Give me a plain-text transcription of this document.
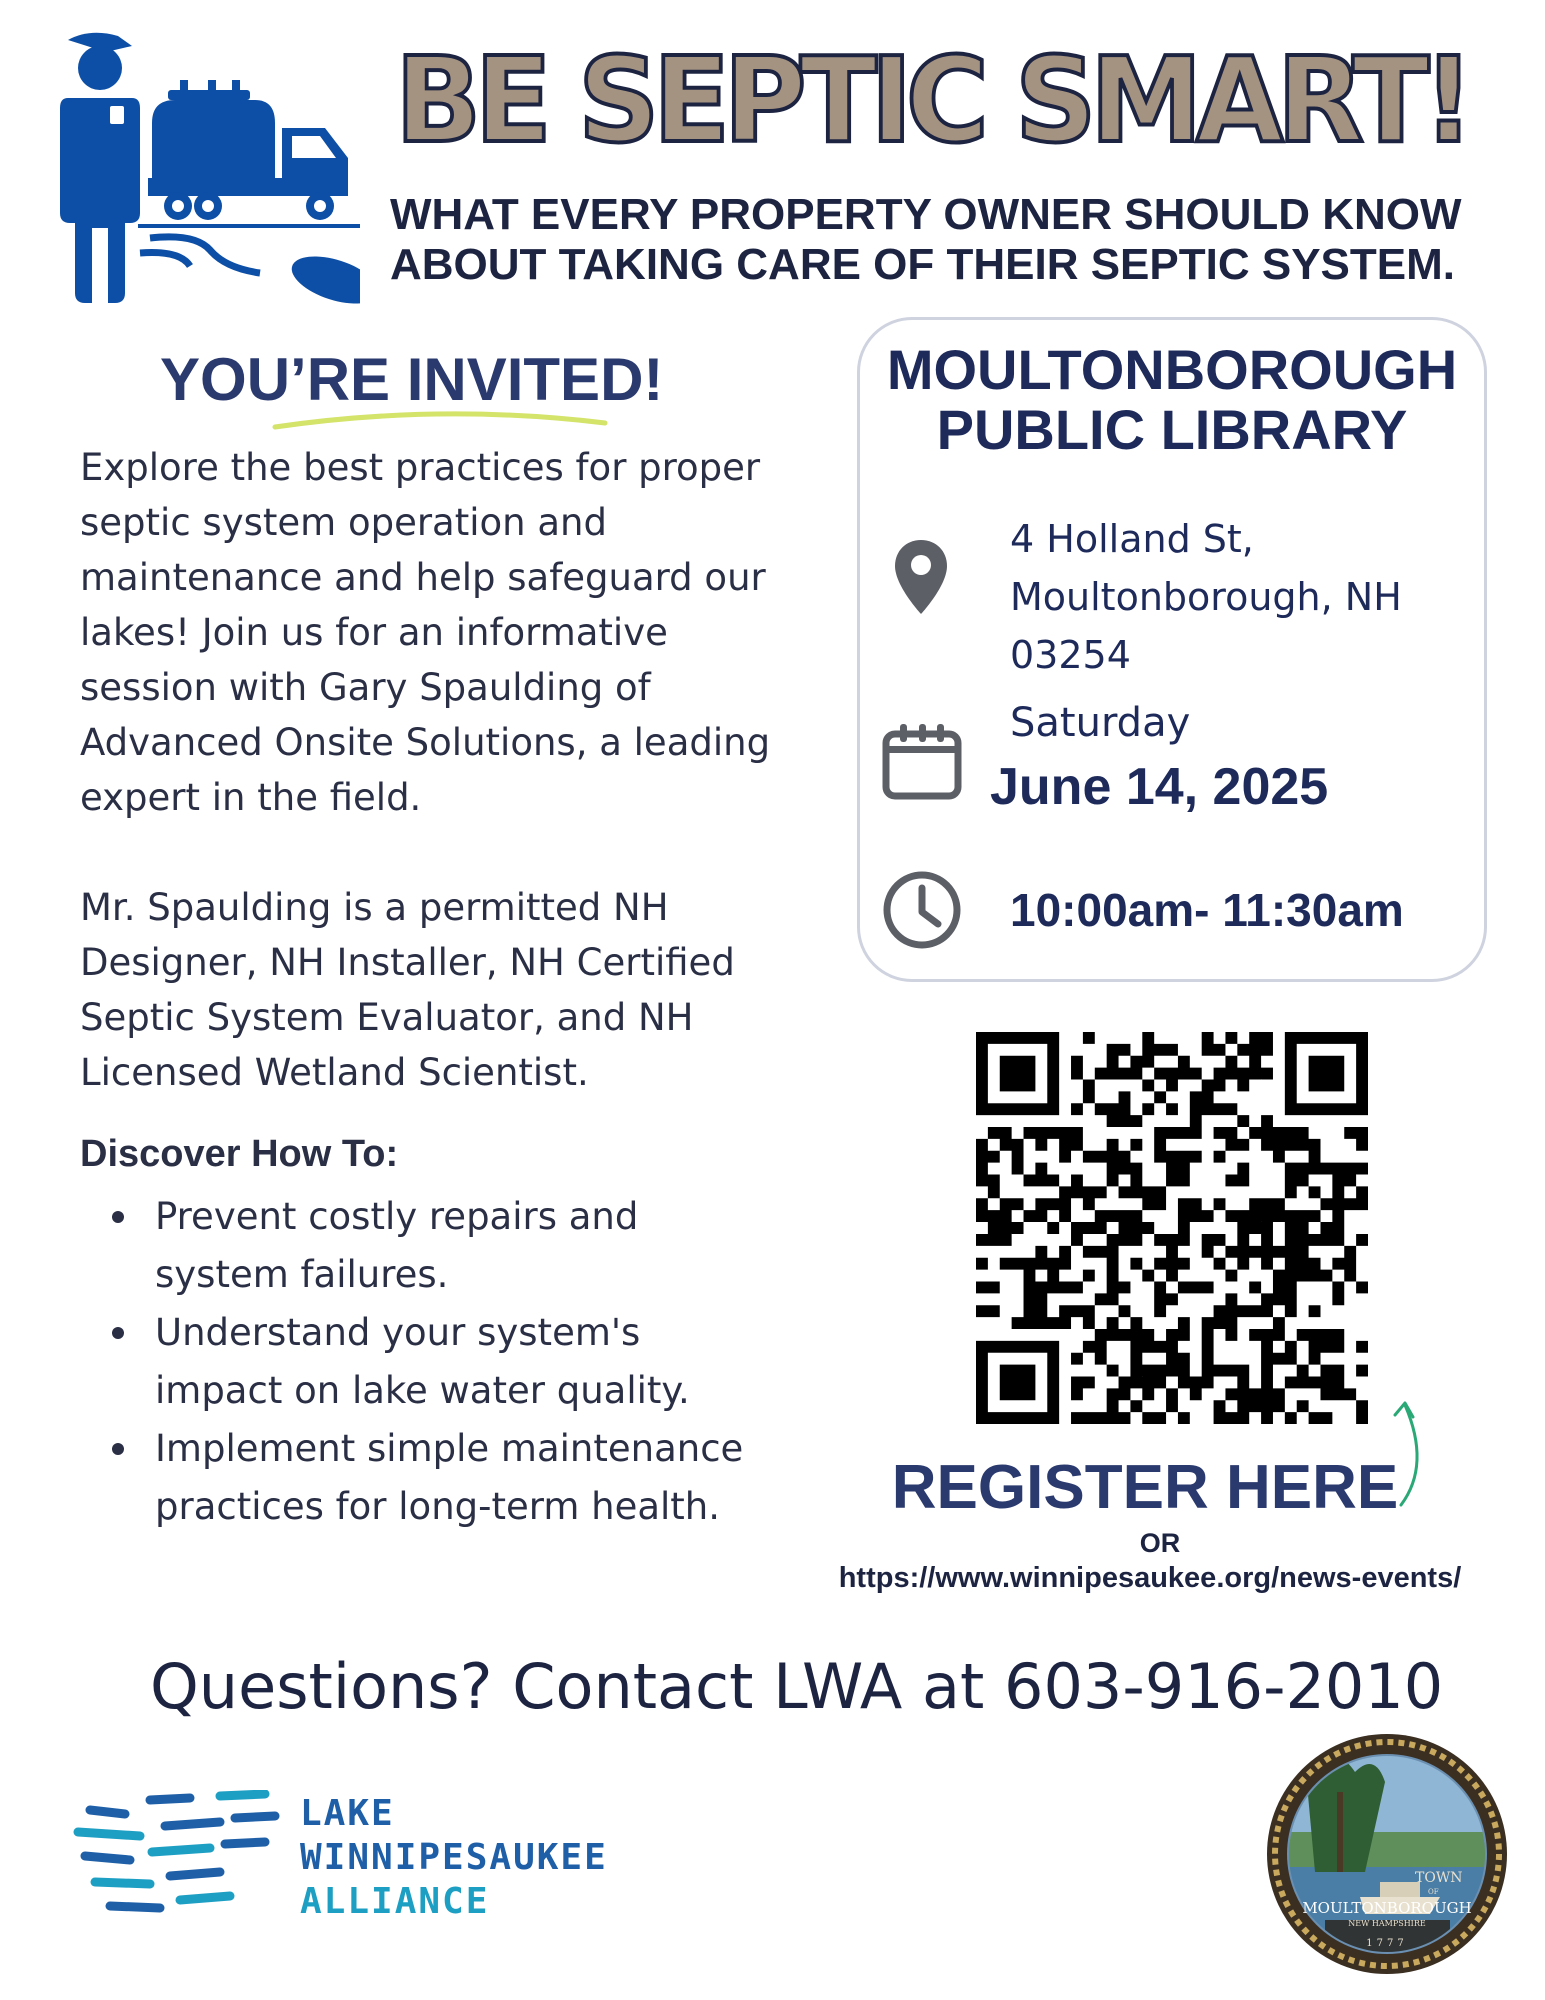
BE SEPTIC SMART!
WHAT EVERY PROPERTY OWNER SHOULD KNOW
ABOUT TAKING CARE OF THEIR SEPTIC SYSTEM.
YOU’RE INVITED!
Explore the best practices for proper septic system operation and maintenance and help safeguard our lakes! Join us for an informative session with Gary Spaulding of Advanced Onsite Solutions, a leading expert in the field.
Mr. Spaulding is a permitted NH Designer, NH Installer, NH Certified Septic System Evaluator, and NH Licensed Wetland Scientist.
Discover How To:
Prevent costly repairs and system failures.
Understand your system's impact on lake water quality.
Implement simple maintenance practices for long-term health.
MOULTONBOROUGH
PUBLIC LIBRARY
4 Holland St,
Moultonborough, NH
03254
Saturday
June 14, 2025
10:00am- 11:30am
REGISTER HERE
OR
https://www.winnipesaukee.org/news-events/
Questions? Contact LWA at 603-916-2010
LAKE
WINNIPESAUKEE
ALLIANCE
TOWN
OF
MOULTONBOROUGH
NEW HAMPSHIRE
1777
